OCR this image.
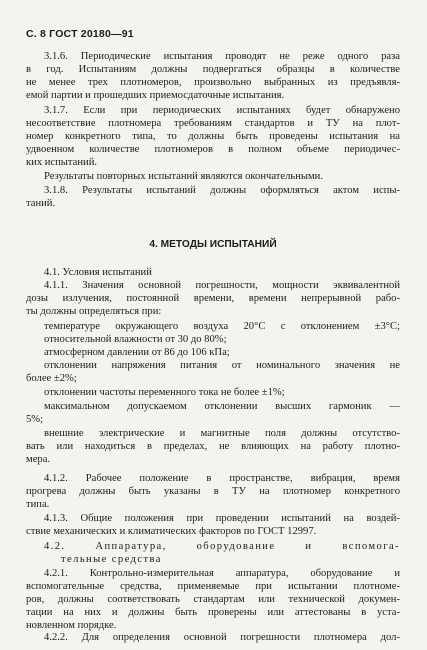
С. 8 ГОСТ 20180—91
3.1.6. Периодические испытания проводят не реже одного раза
в год. Испытаниям должны подвергаться образцы в количестве
не менее трех плотномеров, произвольно выбранных из предъявля-
емой партии и прошедших приемосдаточные испытания.
3.1.7. Если при периодических испытаниях будет обнаружено
несоответствие плотномера требованиям стандартов и ТУ на плот-
номер конкретного типа, то должны быть проведены испытания на
удвоенном количестве плотномеров в полном объеме периодичес-
ких испытаний.
Результаты повторных испытаний являются окончательными.
3.1.8. Результаты испытаний должны оформляться актом испы-
таний.
4. МЕТОДЫ ИСПЫТАНИЙ
4.1. Условия испытаний
4.1.1. Значения основной погрешности, мощности эквивалентной
дозы излучения, постоянной времени, времени непрерывной рабо-
ты должны определяться при:
температуре окружающего воздуха 20°С с отклонением ±3°С;
относительной влажности от 30 до 80%;
атмосферном давлении от 86 до 106 кПа;
отклонении напряжения питания от номинального значения не
более ±2%;
отклонении частоты переменного тока не более ±1%;
максимальном допускаемом отклонении высших гармоник —
5%;
внешние электрические и магнитные поля должны отсутство-
вать или находиться в пределах, не влияющих на работу плотно-
мера.
4.1.2. Рабочее положение в пространстве, вибрация, время
прогрева должны быть указаны в ТУ на плотномер конкретного
типа.
4.1.3. Общие положения при проведении испытаний на воздей-
ствие механических и климатических факторов по ГОСТ 12997.
4.2. Аппаратура, оборудование и вспомога-
тельные средства
4.2.1. Контрольно-измерительная аппаратура, оборудование и
вспомогательные средства, применяемые при испытании плотноме-
ров, должны соответствовать стандартам или технической докумен-
тации на них и должны быть проверены или аттестованы в уста-
новленном порядке.
4.2.2. Для определения основной погрешности плотномера дол-
